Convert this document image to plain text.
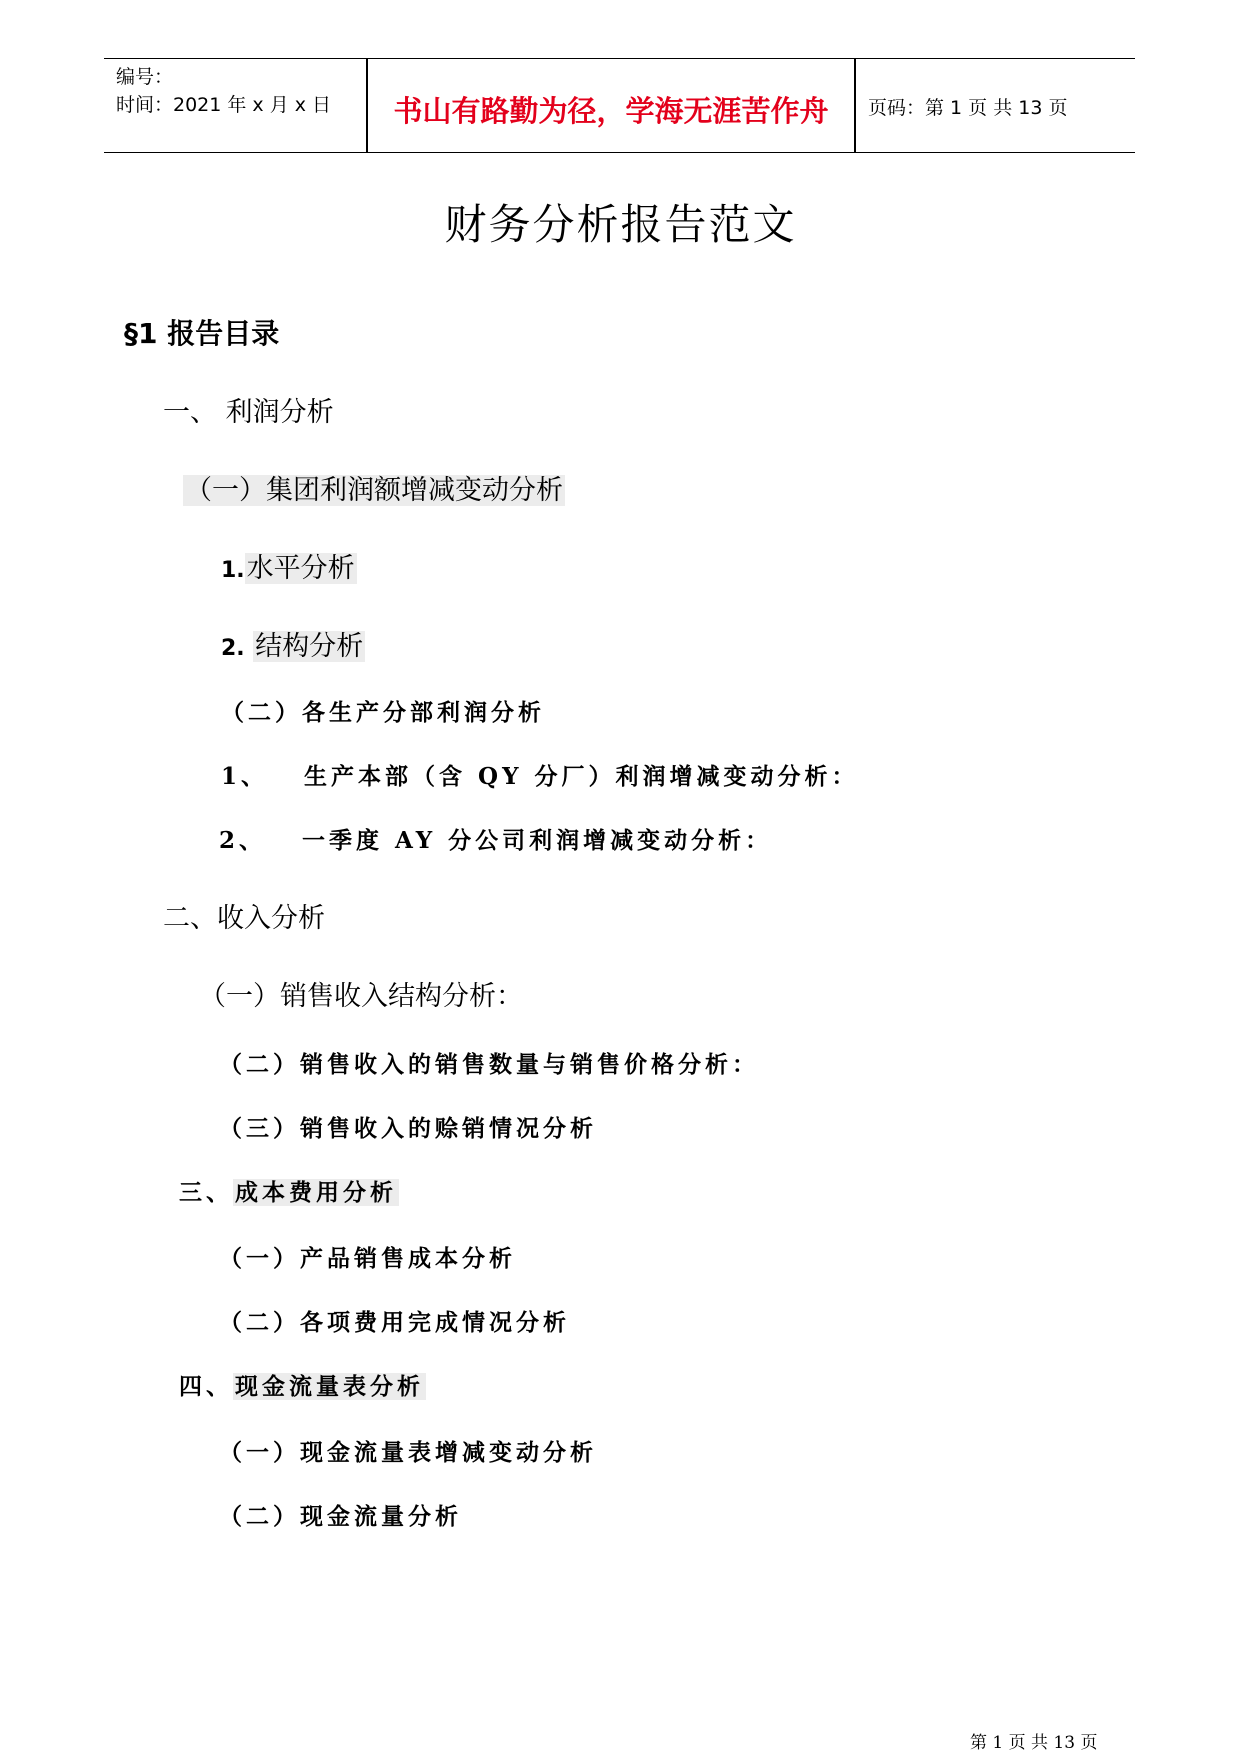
编号：
时间：2021 年 x 月 x 日	书山有路勤为径，学海无涯苦作舟	页码：第 1 页 共 13 页
财务分析报告范文
§1 报告目录
一、 利润分析
（一）集团利润额增减变动分析
1.水平分析
2. 结构分析
（二）各生产分部利润分析
1、 生产本部（含 QY 分厂）利润增减变动分析：
2、 一季度 AY 分公司利润增减变动分析：
二、收入分析
（一）销售收入结构分析：
（二）销售收入的销售数量与销售价格分析：
（三）销售收入的赊销情况分析
三、成本费用分析
（一）产品销售成本分析
（二）各项费用完成情况分析
四、现金流量表分析
（一）现金流量表增减变动分析
（二）现金流量分析
第 1 页 共 13 页
